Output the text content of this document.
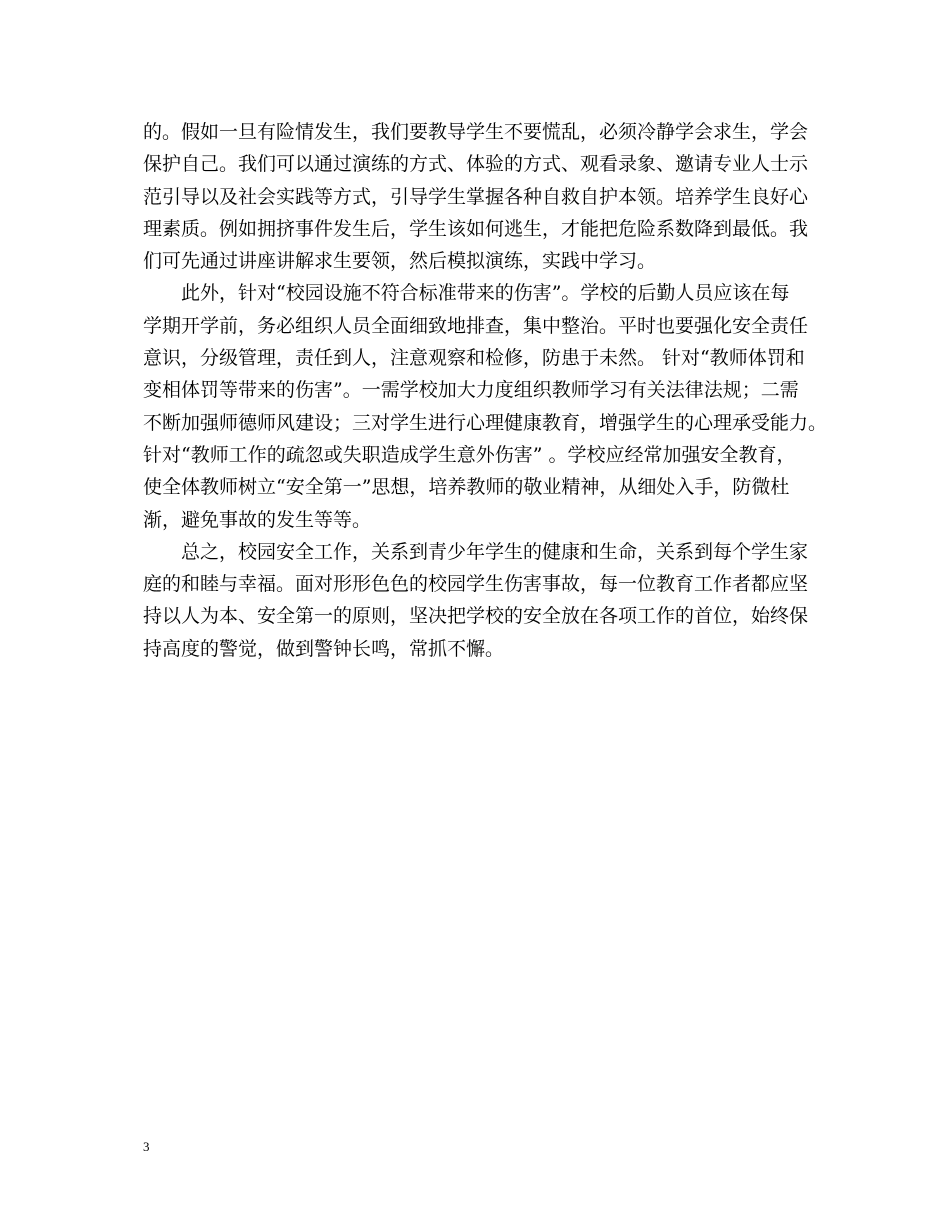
的。假如一旦有险情发生，我们要教导学生不要慌乱，必须冷静学会求生，学会
保护自己。我们可以通过演练的方式、体验的方式、观看录象、邀请专业人士示
范引导以及社会实践等方式，引导学生掌握各种自救自护本领。培养学生良好心
理素质。例如拥挤事件发生后，学生该如何逃生，才能把危险系数降到最低。我
们可先通过讲座讲解求生要领，然后模拟演练，实践中学习。
此外，针对“校园设施不符合标准带来的伤害”。学校的后勤人员应该在每
学期开学前，务必组织人员全面细致地排查，集中整治。平时也要强化安全责任
意识，分级管理，责任到人，注意观察和检修，防患于未然。 针对“教师体罚和
变相体罚等带来的伤害”。一需学校加大力度组织教师学习有关法律法规；二需
不断加强师德师风建设；三对学生进行心理健康教育，增强学生的心理承受能力。
针对“教师工作的疏忽或失职造成学生意外伤害” 。学校应经常加强安全教育，
使全体教师树立“安全第一”思想，培养教师的敬业精神，从细处入手，防微杜
渐，避免事故的发生等等。
总之，校园安全工作，关系到青少年学生的健康和生命，关系到每个学生家
庭的和睦与幸福。面对形形色色的校园学生伤害事故，每一位教育工作者都应坚
持以人为本、安全第一的原则，坚决把学校的安全放在各项工作的首位，始终保
持高度的警觉，做到警钟长鸣，常抓不懈。
3
